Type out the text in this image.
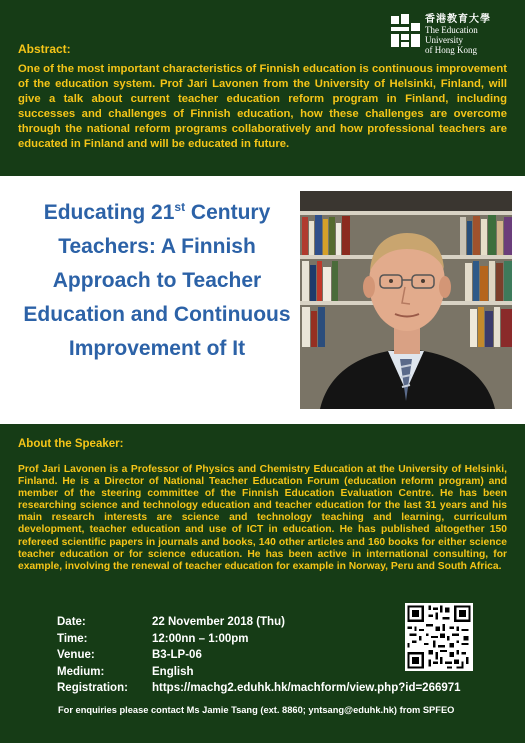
香港教育大學
The Education University
of Hong Kong
Abstract:

One of the most important characteristics of Finnish education is continuous improvement of the education system. Prof Jari Lavonen from the University of Helsinki, Finland, will give a talk about current teacher education reform program in Finland, including successes and challenges of Finnish education, how these challenges are overcome through the national reform programs collaboratively and how professional teachers are educated in Finland and will be educated in future.

Educating 21st Century Teachers: A Finnish Approach to Teacher Education and Continuous Improvement of It
About the Speaker:

Prof Jari Lavonen is a Professor of Physics and Chemistry Education at the University of Helsinki, Finland. He is a Director of National Teacher Education Forum (education reform program) and member of the steering committee of the Finnish Education Evaluation Centre. He has been researching science and technology education and teacher education for the last 31 years and his main research interests are science and technology teaching and learning, curriculum development, teacher education and use of ICT in education. He has published altogether 150 refereed scientific papers in journals and books, 140 other articles and 160 books for either science teacher education or for science education. He has been active in international consulting, for example, involving the renewal of teacher education for example in Norway, Peru and South Africa.

Date:	22 November 2018 (Thu)
Time:	12:00nn – 1:00pm
Venue:	B3-LP-06
Medium:	English
Registration: https://machg2.eduhk.hk/machform/view.php?id=266971
For enquiries please contact Ms Jamie Tsang (ext. 8860; yntsang@eduhk.hk) from SPFEO
